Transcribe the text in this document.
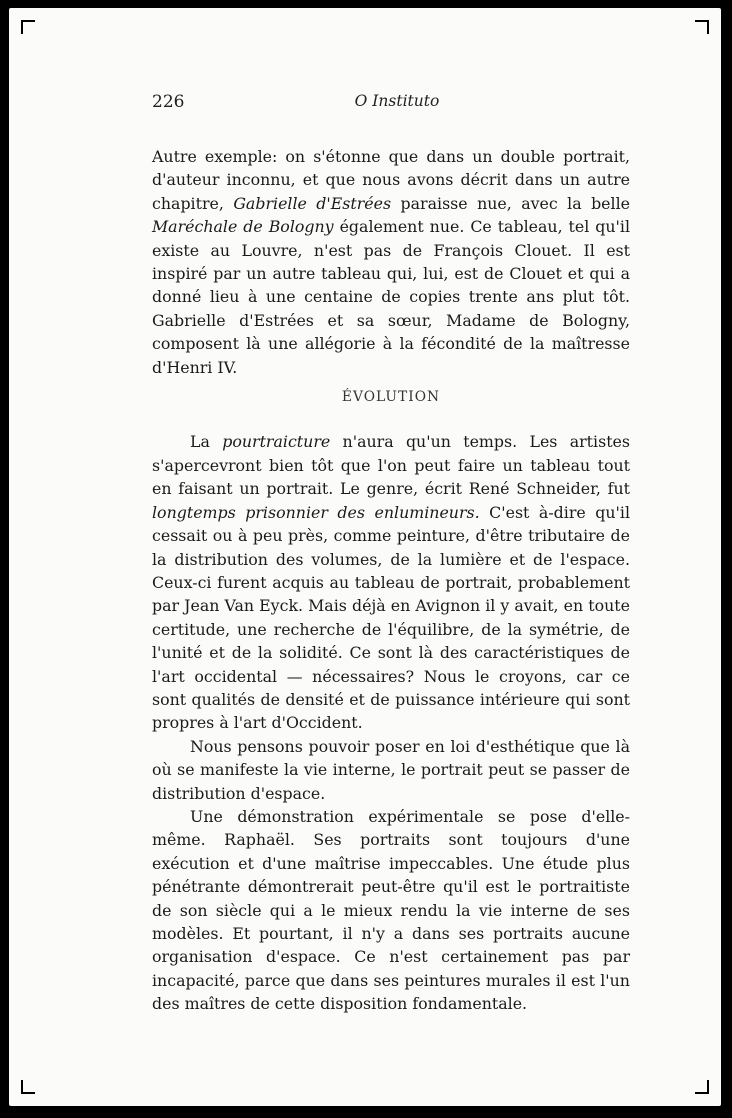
226	O Instituto

Autre exemple: on s'étonne que dans un double portrait, d'auteur inconnu, et que nous avons décrit dans un autre chapitre, Gabrielle d'Estrées paraisse nue, avec la belle Maréchale de Bologny également nue. Ce tableau, tel qu'il existe au Louvre, n'est pas de François Clouet. Il est inspiré par un autre tableau qui, lui, est de Clouet et qui a donné lieu à une centaine de copies trente ans plut tôt. Gabrielle d'Estrées et sa sœur, Madame de Bologny, composent là une allégorie à la fécondité de la maîtresse d'Henri IV.

ÉVOLUTION

La pourtraicture n'aura qu'un temps. Les artistes s'apercevront bien tôt que l'on peut faire un tableau tout en faisant un portrait. Le genre, écrit René Schneider, fut longtemps prisonnier des enlumineurs. C'est à-dire qu'il cessait ou à peu près, comme peinture, d'être tributaire de la distribution des volumes, de la lumière et de l'espace. Ceux-ci furent acquis au tableau de portrait, probablement par Jean Van Eyck. Mais déjà en Avignon il y avait, en toute certitude, une recherche de l'équilibre, de la symétrie, de l'unité et de la solidité. Ce sont là des caractéristiques de l'art occidental — nécessaires? Nous le croyons, car ce sont qualités de densité et de puissance intérieure qui sont propres à l'art d'Occident.

Nous pensons pouvoir poser en loi d'esthétique que là où se manifeste la vie interne, le portrait peut se passer de distribution d'espace.

Une démonstration expérimentale se pose d'elle-même. Raphaël. Ses portraits sont toujours d'une exécution et d'une maîtrise impeccables. Une étude plus pénétrante démontrerait peut-être qu'il est le portraitiste de son siècle qui a le mieux rendu la vie interne de ses modèles. Et pourtant, il n'y a dans ses portraits aucune organisation d'espace. Ce n'est certainement pas par incapacité, parce que dans ses peintures murales il est l'un des maîtres de cette disposition fondamentale.
